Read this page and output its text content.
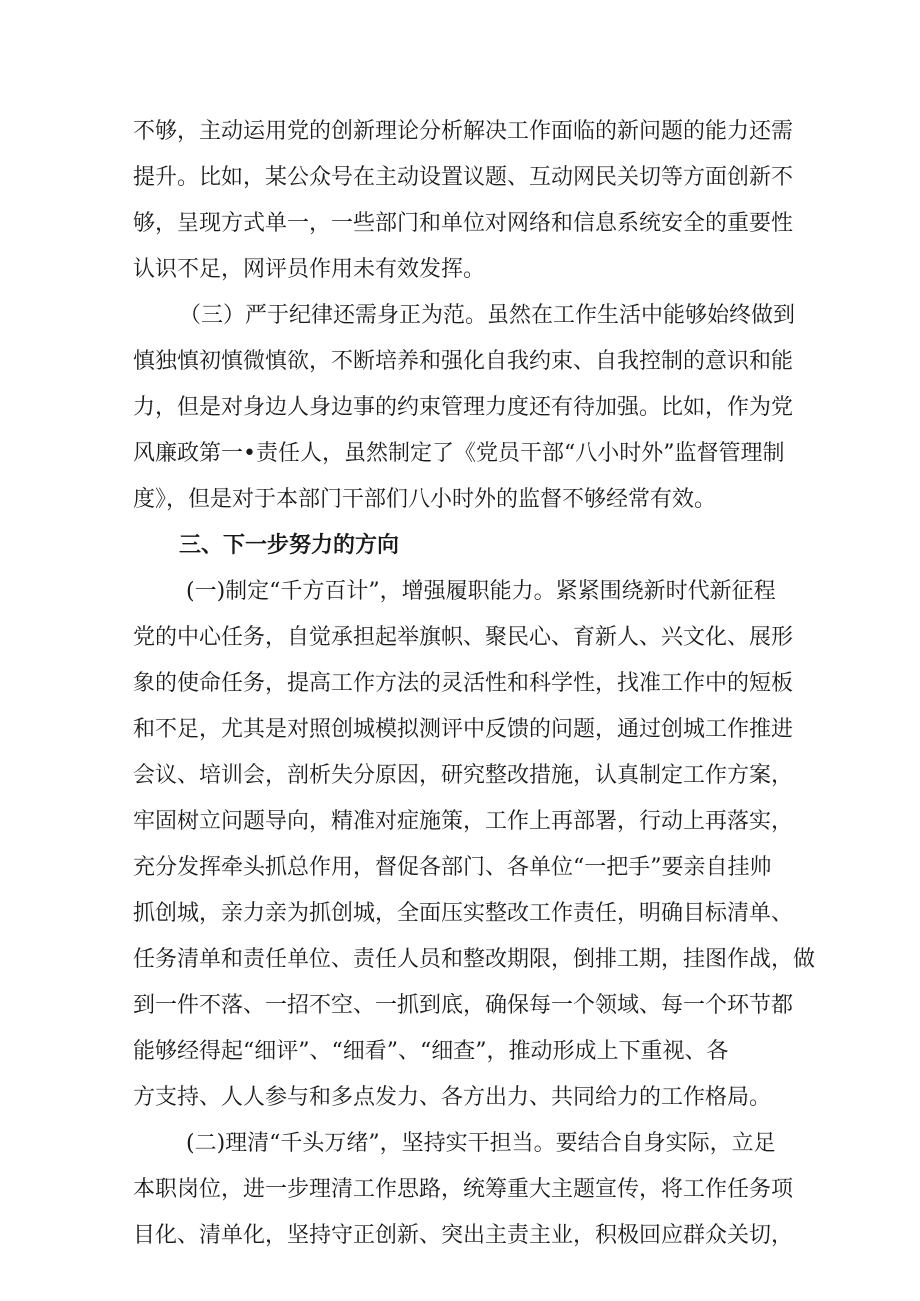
不够，主动运用党的创新理论分析解决工作面临的新问题的能力还需
提升。比如，某公众号在主动设置议题、互动网民关切等方面创新不
够，呈现方式单一，一些部门和单位对网络和信息系统安全的重要性
认识不足，网评员作用未有效发挥。
（三）严于纪律还需身正为范。虽然在工作生活中能够始终做到
慎独慎初慎微慎欲，不断培养和强化自我约束、自我控制的意识和能
力，但是对身边人身边事的约束管理力度还有待加强。比如，作为党
风廉政第一•责任人，虽然制定了《党员干部“八小时外”监督管理制
度》，但是对于本部门干部们八小时外的监督不够经常有效。
三、下一步努力的方向
(一)制定“千方百计”，增强履职能力。紧紧围绕新时代新征程
党的中心任务，自觉承担起举旗帜、聚民心、育新人、兴文化、展形
象的使命任务，提高工作方法的灵活性和科学性，找准工作中的短板
和不足，尤其是对照创城模拟测评中反馈的问题，通过创城工作推进
会议、培训会，剖析失分原因，研究整改措施，认真制定工作方案，
牢固树立问题导向，精准对症施策，工作上再部署，行动上再落实，
充分发挥牵头抓总作用，督促各部门、各单位“一把手”要亲自挂帅
抓创城，亲力亲为抓创城，全面压实整改工作责任，明确目标清单、
任务清单和责任单位、责任人员和整改期限，倒排工期，挂图作战，做
到一件不落、一招不空、一抓到底，确保每一个领域、每一个环节都
能够经得起“细评”、“细看”、“细查”，推动形成上下重视、各
方支持、人人参与和多点发力、各方出力、共同给力的工作格局。
(二)理清“千头万绪”，坚持实干担当。要结合自身实际，立足
本职岗位，进一步理清工作思路，统筹重大主题宣传，将工作任务项
目化、清单化，坚持守正创新、突出主责主业，积极回应群众关切，
